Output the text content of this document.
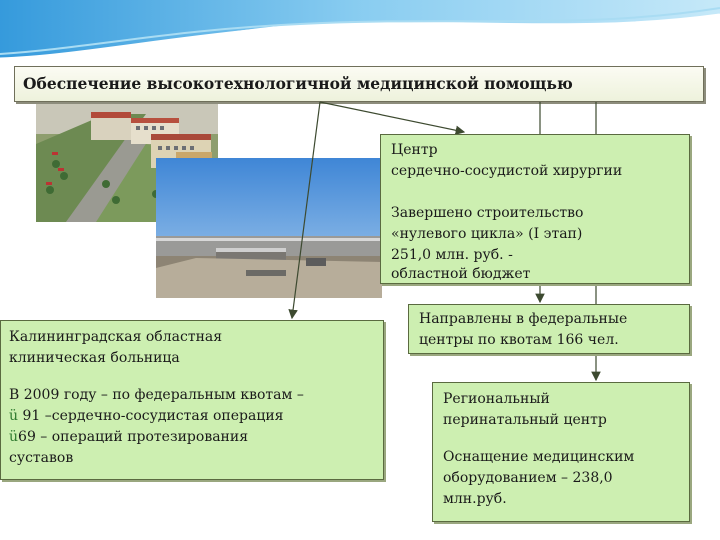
Обеспечение высокотехнологичной медицинской помощью

Центр

сердечно-сосудистой хирургии

Завершено строительство

«нулевого цикла» (I этап)

251,0 млн. руб. -

областной бюджет

Направлены в федеральные

центры по квотам 166 чел.

Калининградская областная

клиническая больница

В 2009 году – по федеральным квотам –

ü 91 –сердечно-сосудистая операция

ü69 – операций протезирования

суставов

Региональный

перинатальный центр

Оснащение медицинским

оборудованием – 238,0

млн.руб.
